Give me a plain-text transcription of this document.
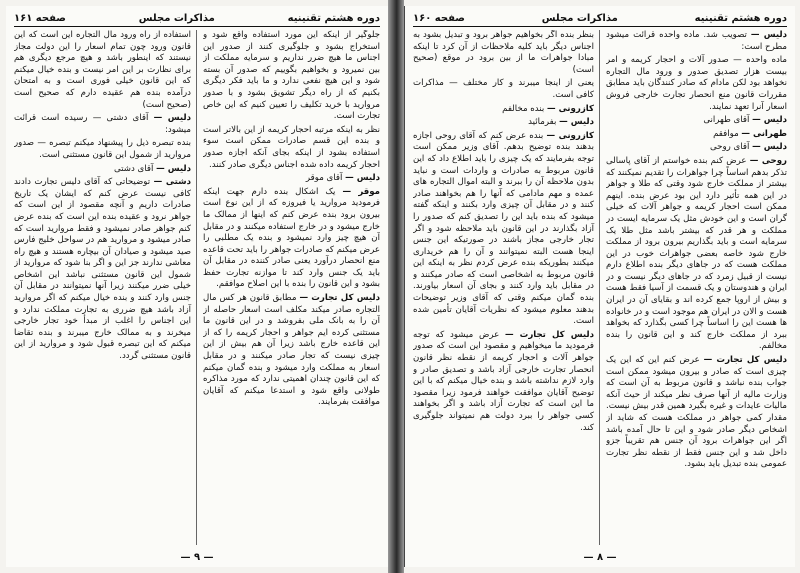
دوره هشتم تقنینیه
مذاکرات مجلس
صفحه ۱۶۱

جلوگیر از اینکه این مورد استفاده واقع شود و استخراج بشود و جلوگیری کنند از صدور این اجناس ما هیچ ضرر نداریم و سرمایه مملکت از بین نمیرود و بخواهیم بگوییم که صدور آن بسته شود و این هیچ نفعی ندارد و ما باید فکر دیگری بکنیم که از راه دیگر تشویق بشود و با صدور مروارید با خرید تکلیف را تعیین کنیم که این خاص تجارت است.

نظر به اینکه مرتبه احجار کریمه از این بالاتر است و بنده این قسم صادرات ممکن است سوء استفاده بشود از اینکه بجای آنکه اجازه صدور احجار کریمه داده شده اجناس دیگری صادر کنند.

دلیس — آقای موقر

موقر — یک اشکال بنده دارم جهت اینکه فرمودید مروارید یا فیروزه که از این نوع است بیرون برود بنده عرض کنم که اینها از ممالک ما خارج میشود و در خارج استفاده میکنند و در مقابل آن هیچ چیز وارد نمیشود و بنده یک مطلبی را عرض میکنم که صادرات جواهر را باید تحت قاعده منع انحصار درآورد یعنی صادر کننده در مقابل آن باید یک جنس وارد کند تا موازنه تجارت حفظ بشود و این قانون را بنده با این اصلاح موافقم.

دلیس کل تجارت — مطابق قانون هر کس مال التجاره صادر میکند مکلف است اسعار حاصله از آن را به بانک ملی بفروشد و در این قانون ما مستثنی کرده ایم جواهر و احجار کریمه را که از این قاعده خارج باشد زیرا آن هم بیش از این چیزی نیست که تجار صادر میکنند و در مقابل اسعار به مملکت وارد میشود و بنده گمان میکنم که این قانون چندان اهمیتی ندارد که مورد مذاکره طولانی واقع شود و استدعا میکنم که آقایان موافقت بفرمایند.

استفاده از راه ورود مال التجاره این است که این قانون ورود چون تمام اسعار را این دولت مجاز نیستند که اینطور باشد و هیچ مرجع دیگری هم برای نظارت بر این امر نیست و بنده خیال میکنم که این قانون خیلی فوری است و به امتحان درآمده بنده هم عقیده دارم که صحیح است (صحیح است)

دلیس — آقای دشتی — رسیده است قرائت میشود:

بنده تبصره ذیل را پیشنهاد میکنم تبصره — صدور مروارید از شمول این قانون مستثنی است.

دلیس — آقای دشتی

دشتی — توضیحاتی که آقای دلیس تجارت دادند کافی نیست عرض کنم که ایشان یک تاریخ صادرات داریم و آنچه مقصود از این است که جواهر نرود و عقیده بنده این است که بنده عرض کنم جواهر صادر نمیشود و فقط مروارید است که صادر میشود و مروارید هم در سواحل خلیج فارس صید میشود و صیادان آن بیچاره هستند و هیچ راه معاشی ندارند جز این و اگر بنا شود که مروارید از شمول این قانون مستثنی نباشد این اشخاص خیلی ضرر میکنند زیرا آنها نمیتوانند در مقابل آن جنس وارد کنند و بنده خیال میکنم که اگر مروارید آزاد باشد هیچ ضرری به تجارت مملکت ندارد و این اجناس را اغلب از مبدأ خود تجار خارجی میخرند و به ممالک خارج میبرند و بنده تقاضا میکنم که این تبصره قبول شود و مروارید از این قانون مستثنی گردد.

— ۹ —
دوره هشتم تقنینیه
مذاکرات مجلس
صفحه ۱۶۰

دلیس — تصویب شد. ماده واحده قرائت میشود مطرح است:

ماده واحده — صدور آلات و احجار کریمه و امر بیست هزار تصدیق صدور و ورود مال التجاره نخواهد بود لکن مادام که صادر کنندگان باید مطابق مقررات قانون منع انحصار تجارت خارجی فروش اسعار آنرا تعهد نمایند.

دلیس — آقای طهرانی

طهرانی — موافقم

دلیس — آقای روحی

روحی — عرض کنم بنده خواستم از آقای پاسالی تذکر بدهم اساساً چرا جواهرات را تقدیم نمیکنند که بیشتر از مملکت خارج شود وقتی که طلا و جواهر در این همه تأثیر دارد این بود عرض بنده. اینهم ممکن است احجار کریمه و جواهر آلات که خیلی گران است و این خودش مثل یک سرمایه ایست در مملکت و هر قدر که بیشتر باشد مثل طلا یک سرمایه است و باید بگذاریم بیرون برود از مملکت خارج شود خاصه بعضی جواهرات خوب در این مملکت هست که در جاهای دیگر بنده اطلاع دارم نیست از قبیل زمرد که در جاهای دیگر نیست و در ایران و هندوستان و یک قسمت از آسیا فقط هست و بیش از اروپا جمع کرده اند و بقایای آن در ایران هست و الان در ایران هم موجود است و در خانواده ها هست این را اساساً چرا کسی بگذارد که بخواهد ببرد از مملکت خارج کند و این قانون را بنده مخالفم.

دلیس کل تجارت — عرض کنم این که این یک چیزی است که صادر و بیرون میشود ممکن است جواب بنده نباشد و قانون مربوط به آن است که وزارت مالیه از آنها صرف نظر میکند از حیث آنکه مالیات عایدات و غیره بگیرد همین قدر بیش نیست. مقدار کمی جواهر در مملکت هست که شاید از اشخاص دیگر صادر شود و این تا حال آمده باشد اگر این جواهرات برود آن جنس هم تقریباً جزو داخل شد و این جنس فقط از نقطه نظر تجارت عمومی بنده تبدیل باید بشود.

بنظر بنده اگر بخواهیم جواهر برود و تبدیل بشود به اجناس دیگر باید کلیه ملاحظات از آن کرد تا اینکه مبادا جواهرات ما از بین برود در موقع (صحیح است)

یعنی از اینجا میبرند و کار مختلف — مذاکرات کافی است.

کازرونی — بنده مخالفم

دلیس — بفرمائید

کازرونی — بنده عرض کنم که آقای روحی اجازه بدهند بنده توضیح بدهم. آقای وزیر ممکن است توجه بفرمایند که یک چیزی را باید اطلاع داد که این قانون مربوط به صادرات و واردات است و نباید بدون ملاحظه آن را ببرند و البته اموال التجاره های عمده و مهم مادامی که آنها را هم بخواهند صادر کنند و در مقابل آن چیزی وارد بکنند و اینکه گفته میشود که بنده باید این را تصدیق کنم که صدور را آزاد بگذارند در این قانون باید ملاحظه شود و اگر تجار خارجی مجاز باشند در صورتیکه این جنس اینجا هست البته نمیتوانند و آن را هم خریداری میکنند بطوریکه بنده عرض کردم نظر به اینکه این قانون مربوط به اشخاصی است که صادر میکنند و در مقابل باید وارد کنند و بجای آن اسعار بیاورند. بنده گمان میکنم وقتی که آقای وزیر توضیحات بدهند معلوم میشود که نظریات آقایان تأمین شده است.

دلیس کل تجارت — عرض میشود که توجه فرمودید ما میخواهیم و مقصود این است که صدور جواهر آلات و احجار کریمه از نقطه نظر قانون انحصار تجارت خارجی آزاد باشد و تصدیق صادر و وارد لازم نداشته باشد و بنده خیال میکنم که با این توضیح آقایان موافقت خواهند فرمود زیرا مقصود ما این است که تجارت آزاد باشد و اگر بخواهند کسی جواهر را ببرد دولت هم نمیتواند جلوگیری کند.

— ۸ —
